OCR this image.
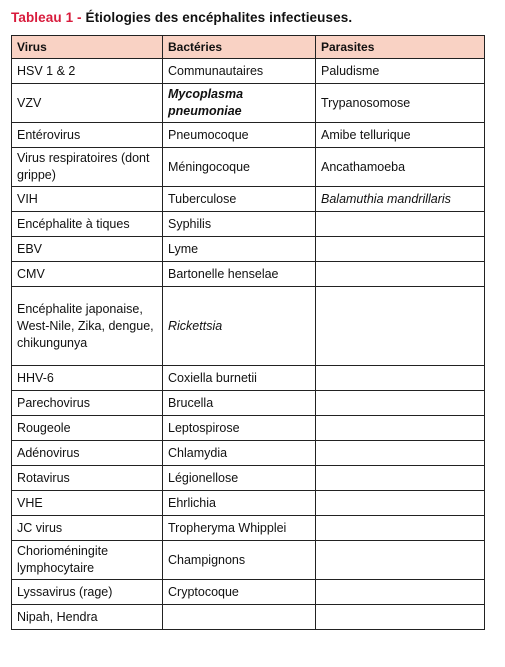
Tableau 1 - Étiologies des encéphalites infectieuses.
Virus	Bactéries	Parasites
HSV 1 & 2	Communautaires	Paludisme
VZV	Mycoplasma pneumoniae	Trypanosomose
Entérovirus	Pneumocoque	Amibe tellurique
Virus respiratoires (dont grippe)	Méningocoque	Ancathamoeba
VIH	Tuberculose	Balamuthia mandrillaris
Encéphalite à tiques	Syphilis	
EBV	Lyme	
CMV	Bartonelle henselae	
Encéphalite japonaise, West-Nile, Zika, dengue, chikungunya	Rickettsia	
HHV-6	Coxiella burnetii	
Parechovirus	Brucella	
Rougeole	Leptospirose	
Adénovirus	Chlamydia	
Rotavirus	Légionellose	
VHE	Ehrlichia	
JC virus	Tropheryma Whipplei	
Chorioméningite lymphocytaire	Champignons	
Lyssavirus (rage)	Cryptocoque	
Nipah, Hendra		
